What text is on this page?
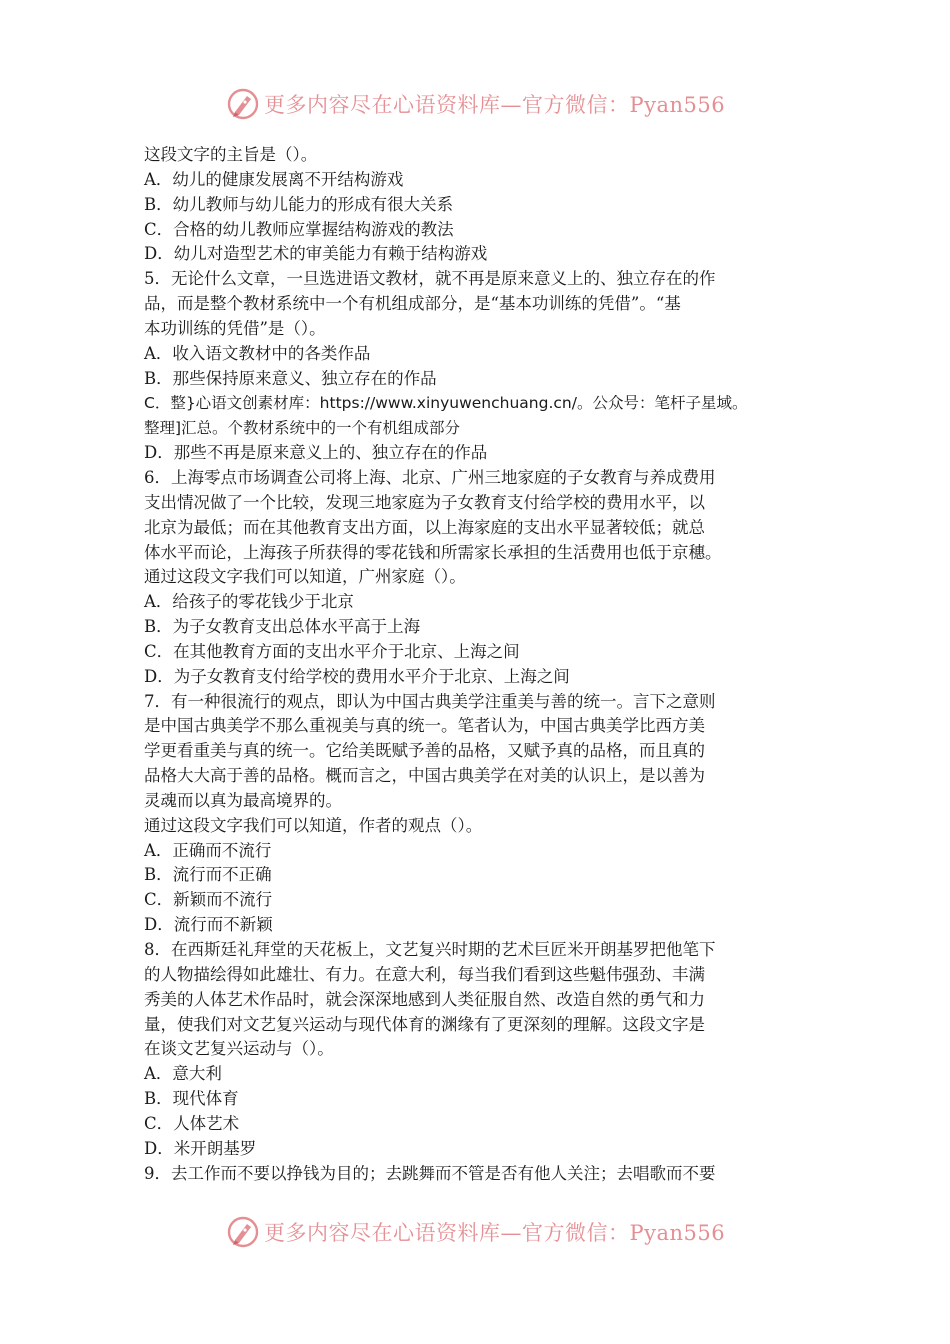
更多内容尽在心语资料库—官方微信：Pyan556
这段文字的主旨是（）。
A．幼儿的健康发展离不开结构游戏
B．幼儿教师与幼儿能力的形成有很大关系
C．合格的幼儿教师应掌握结构游戏的教法
D．幼儿对造型艺术的审美能力有赖于结构游戏
5．无论什么文章，一旦选进语文教材，就不再是原来意义上的、独立存在的作
品，而是整个教材系统中一个有机组成部分，是“基本功训练的凭借”。“基
本功训练的凭借”是（）。
A．收入语文教材中的各类作品
B．那些保持原来意义、独立存在的作品
C．整}心语文创素材库：https://www.xinyuwenchuang.cn/。公众号：笔杆子星域。
整理]汇总。个教材系统中的一个有机组成部分
D．那些不再是原来意义上的、独立存在的作品
6．上海零点市场调查公司将上海、北京、广州三地家庭的子女教育与养成费用
支出情况做了一个比较，发现三地家庭为子女教育支付给学校的费用水平，以
北京为最低；而在其他教育支出方面，以上海家庭的支出水平显著较低；就总
体水平而论，上海孩子所获得的零花钱和所需家长承担的生活费用也低于京穗。
通过这段文字我们可以知道，广州家庭（）。
A．给孩子的零花钱少于北京
B．为子女教育支出总体水平高于上海
C．在其他教育方面的支出水平介于北京、上海之间
D．为子女教育支付给学校的费用水平介于北京、上海之间
7．有一种很流行的观点，即认为中国古典美学注重美与善的统一。言下之意则
是中国古典美学不那么重视美与真的统一。笔者认为，中国古典美学比西方美
学更看重美与真的统一。它给美既赋予善的品格，又赋予真的品格，而且真的
品格大大高于善的品格。概而言之，中国古典美学在对美的认识上，是以善为
灵魂而以真为最高境界的。
通过这段文字我们可以知道，作者的观点（）。
A．正确而不流行
B．流行而不正确
C．新颖而不流行
D．流行而不新颖
8．在西斯廷礼拜堂的天花板上，文艺复兴时期的艺术巨匠米开朗基罗把他笔下
的人物描绘得如此雄壮、有力。在意大利，每当我们看到这些魁伟强劲、丰满
秀美的人体艺术作品时，就会深深地感到人类征服自然、改造自然的勇气和力
量，使我们对文艺复兴运动与现代体育的渊缘有了更深刻的理解。这段文字是
在谈文艺复兴运动与（）。
A．意大利
B．现代体育
C．人体艺术
D．米开朗基罗
9．去工作而不要以挣钱为目的；去跳舞而不管是否有他人关注；去唱歌而不要
更多内容尽在心语资料库—官方微信：Pyan556
